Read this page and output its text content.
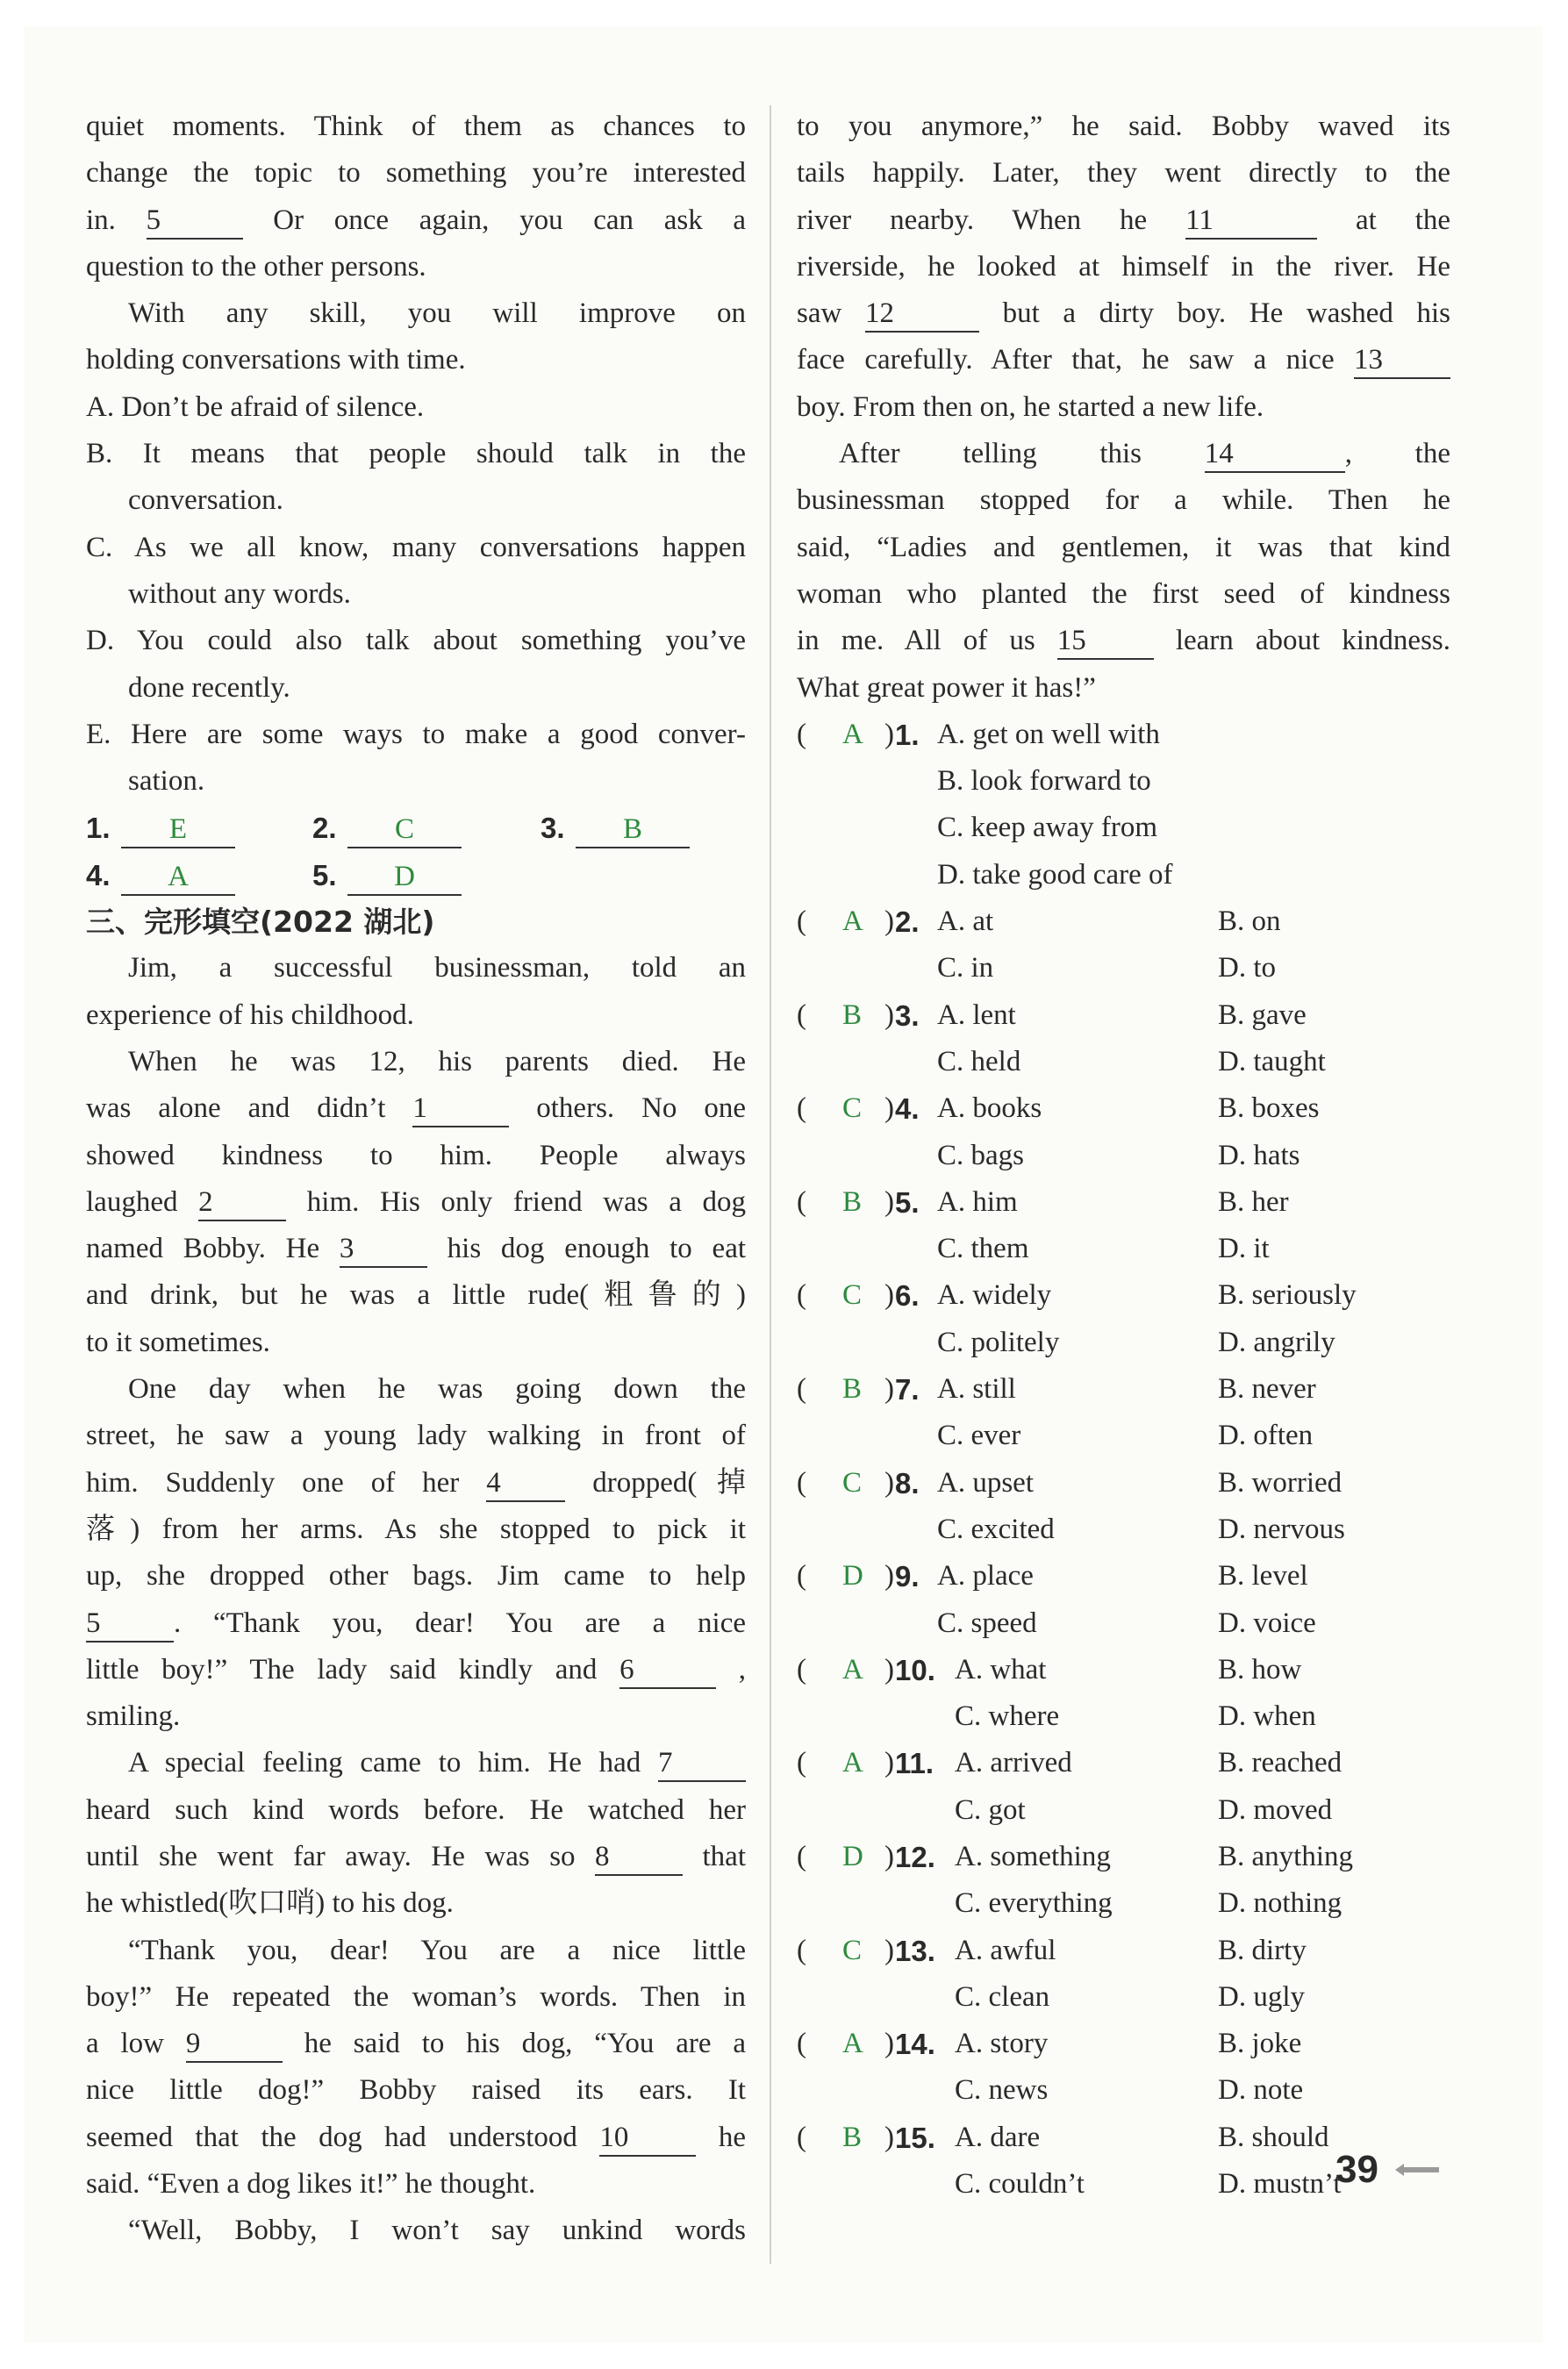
quiet moments. Think of them as chances to
change the topic to something you’re interested
in. 5	Or once again, you can ask a
question to the other persons.
With any skill, you will improve on
holding conversations with time.
A. Don’t be afraid of silence.
B. It means that people should talk in the
conversation.
C. As we all know, many conversations happen
without any words.
D. You could also talk about something you’ve
done recently.
E. Here are some ways to make a good conver-
sation.
1.	E	2.	C	3.	B
4.	A	5.	D
三、完形填空(2022 湖北)
Jim, a successful businessman, told an
experience of his childhood.
When he was 12, his parents died. He
was alone and didn’t 1	others. No one
showed kindness to him. People always
laughed 2	him. His only friend was a dog
named Bobby. He 3	his dog enough to eat
and drink, but he was a little rude(粗鲁的)
to it sometimes.
One day when he was going down the
street, he saw a young lady walking in front of
him. Suddenly one of her 4	dropped(掉
落) from her arms. As she stopped to pick it
up, she dropped other bags. Jim came to help
5	. “Thank you, dear! You are a nice
little boy!” The lady said kindly and 6	,
smiling.
A special feeling came to him. He had 7
heard such kind words before. He watched her
until she went far away. He was so 8	that
he whistled(吹口哨) to his dog.
“Thank you, dear! You are a nice little
boy!” He repeated the woman’s words. Then in
a low 9	he said to his dog, “You are a
nice little dog!” Bobby raised its ears. It
seemed that the dog had understood 10	he
said. “Even a dog likes it!” he thought.
“Well, Bobby, I won’t say unkind words
to you anymore,” he said. Bobby waved its
tails happily. Later, they went directly to the
river nearby. When he 11	at the
riverside, he looked at himself in the river. He
saw 12	but a dirty boy. He washed his
face carefully. After that, he saw a nice 13
boy. From then on, he started a new life.
After telling this 14	, the
businessman stopped for a while. Then he
said, “Ladies and gentlemen, it was that kind
woman who planted the first seed of kindness
in me. All of us 15	learn about kindness.
What great power it has!”
( A ) 1. A. get on well with
B. look forward to
C. keep away from
D. take good care of
( A ) 2. A. at	B. on
C. in	D. to
( B ) 3. A. lent	B. gave
C. held	D. taught
( C ) 4. A. books	B. boxes
C. bags	D. hats
( B ) 5. A. him	B. her
C. them	D. it
( C ) 6. A. widely	B. seriously
C. politely	D. angrily
( B ) 7. A. still	B. never
C. ever	D. often
( C ) 8. A. upset	B. worried
C. excited	D. nervous
( D ) 9. A. place	B. level
C. speed	D. voice
( A ) 10. A. what	B. how
C. where	D. when
( A ) 11. A. arrived	B. reached
C. got	D. moved
( D ) 12. A. something	B. anything
C. everything	D. nothing
( C ) 13. A. awful	B. dirty
C. clean	D. ugly
( A ) 14. A. story	B. joke
C. news	D. note
( B ) 15. A. dare	B. should
C. couldn’t	D. mustn’t
39
